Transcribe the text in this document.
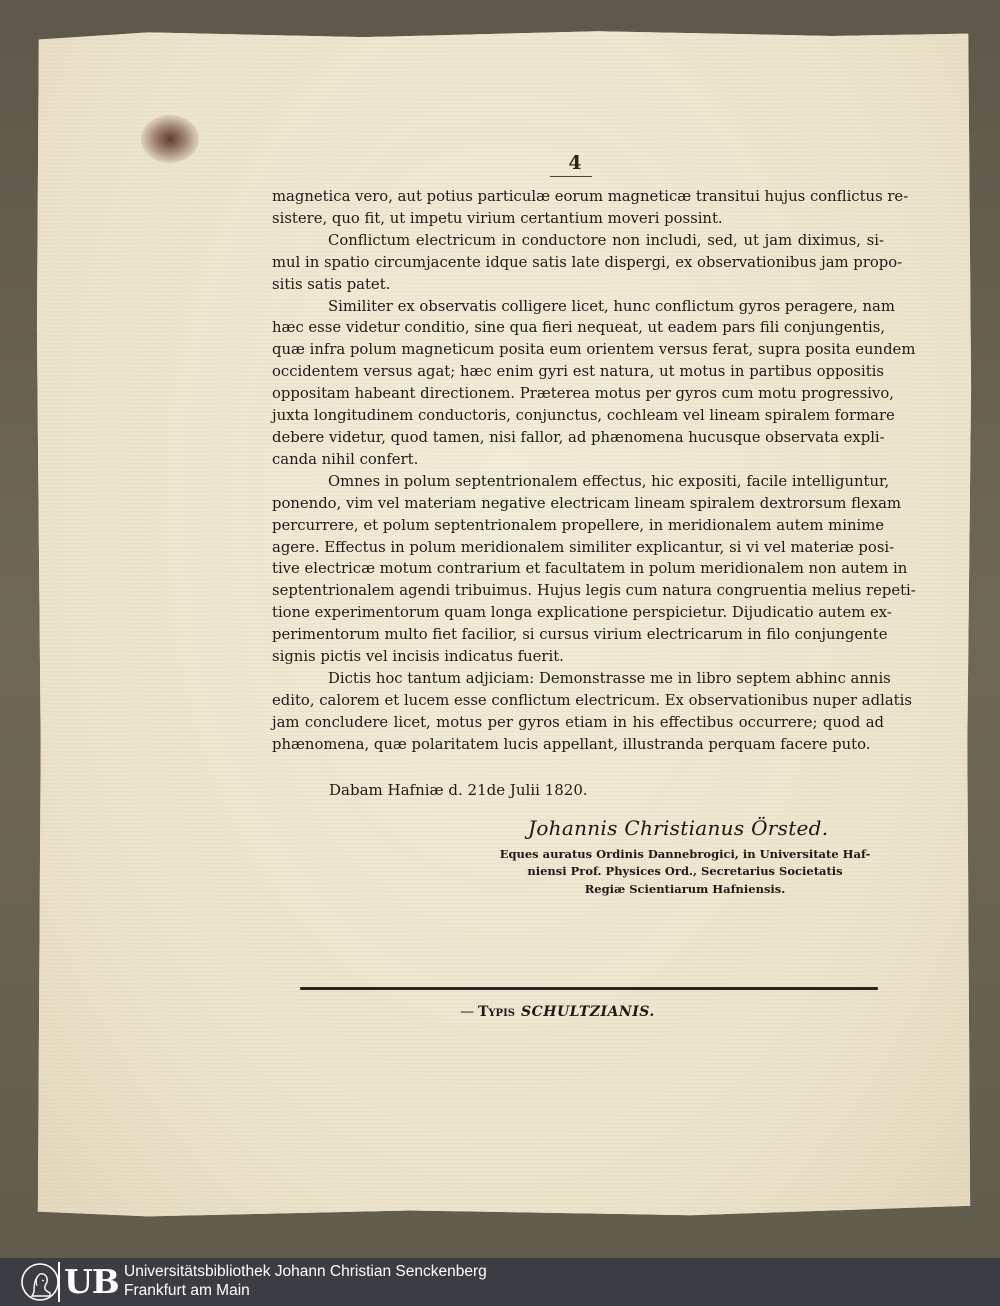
4

magnetica vero, aut potius particulæ eorum magneticæ transitui hujus conflictus re-
sistere, quo fit, ut impetu virium certantium moveri possint.

Conflictum electricum in conductore non includi, sed, ut jam diximus, si-
mul in spatio circumjacente idque satis late dispergi, ex observationibus jam propo-
sitis satis patet.

Similiter ex observatis colligere licet, hunc conflictum gyros peragere, nam
hæc esse videtur conditio, sine qua fieri nequeat, ut eadem pars fili conjungentis,
quæ infra polum magneticum posita eum orientem versus ferat, supra posita eundem
occidentem versus agat; hæc enim gyri est natura, ut motus in partibus oppositis
oppositam habeant directionem. Præterea motus per gyros cum motu progressivo,
juxta longitudinem conductoris, conjunctus, cochleam vel lineam spiralem formare
debere videtur, quod tamen, nisi fallor, ad phænomena hucusque observata expli-
canda nihil confert.

Omnes in polum septentrionalem effectus, hic expositi, facile intelliguntur,
ponendo, vim vel materiam negative electricam lineam spiralem dextrorsum flexam
percurrere, et polum septentrionalem propellere, in meridionalem autem minime
agere. Effectus in polum meridionalem similiter explicantur, si vi vel materiæ posi-
tive electricæ motum contrarium et facultatem in polum meridionalem non autem in
septentrionalem agendi tribuimus. Hujus legis cum natura congruentia melius repeti-
tione experimentorum quam longa explicatione perspicietur. Dijudicatio autem ex-
perimentorum multo fiet facilior, si cursus virium electricarum in filo conjungente
signis pictis vel incisis indicatus fuerit.

Dictis hoc tantum adjiciam: Demonstrasse me in libro septem abhinc annis
edito, calorem et lucem esse conflictum electricum. Ex observationibus nuper adlatis
jam concludere licet, motus per gyros etiam in his effectibus occurrere; quod ad
phænomena, quæ polaritatem lucis appellant, illustranda perquam facere puto.

Dabam Hafniæ d. 21de Julii 1820.
Johannis Christianus Örsted.
Eques auratus Ordinis Dannebrogici, in Universitate Haf-
niensi Prof. Physices Ord., Secretarius Societatis
Regiæ Scientiarum Hafniensis.
— Typis SCHULTZIANIS.
UB Universitätsbibliothek Johann Christian Senckenberg
Frankfurt am Main
